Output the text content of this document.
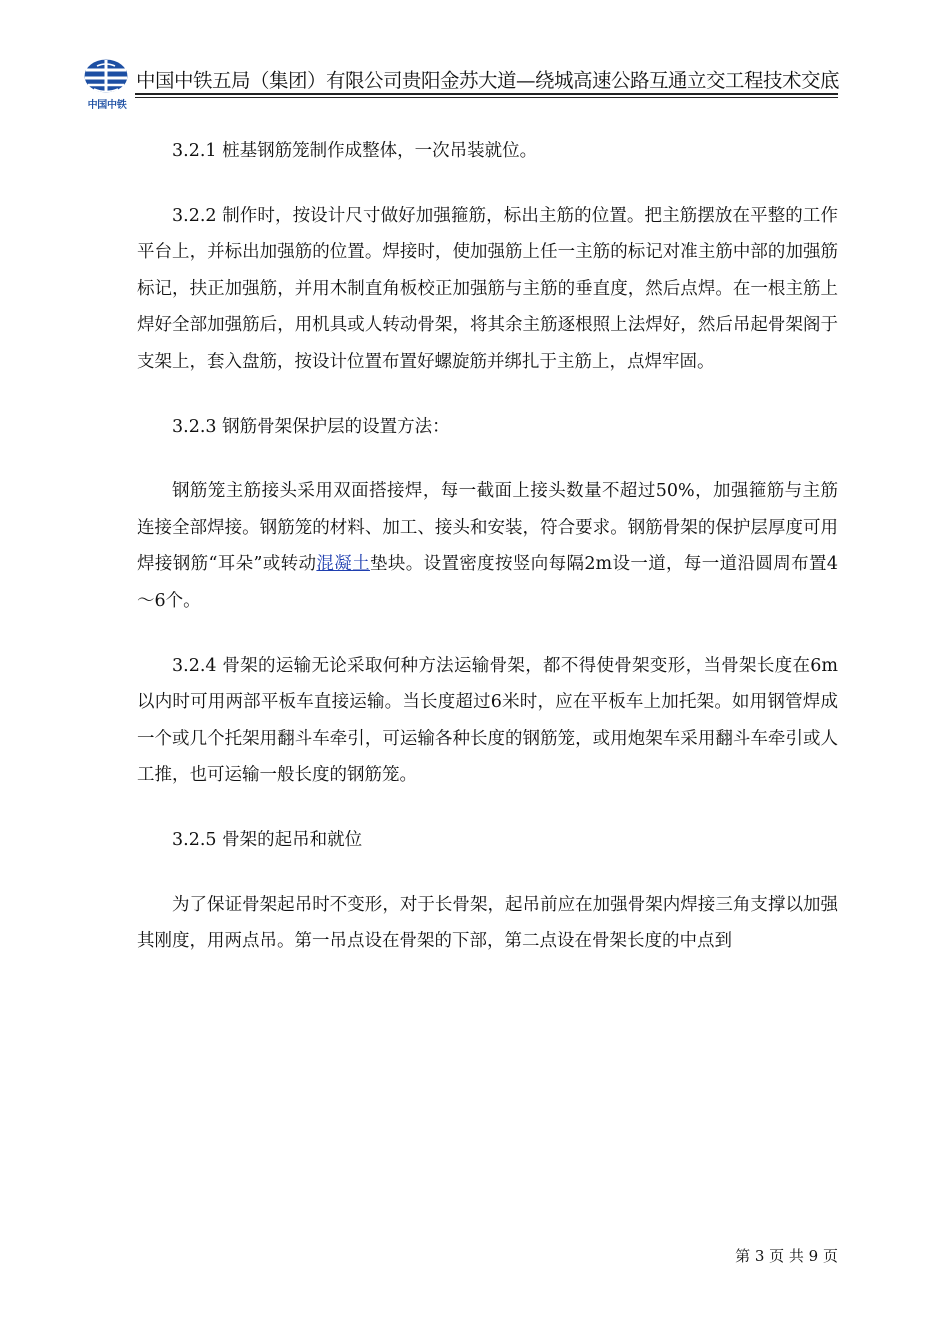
中国中铁
中国中铁五局（集团）有限公司贵阳金苏大道—绕城高速公路互通立交工程技术交底

3.2.1 桩基钢筋笼制作成整体，一次吊装就位。

3.2.2 制作时，按设计尺寸做好加强箍筋，标出主筋的位置。把主筋摆放在平整的工作平台上，并标出加强筋的位置。焊接时，使加强筋上任一主筋的标记对准主筋中部的加强筋标记，扶正加强筋，并用木制直角板校正加强筋与主筋的垂直度，然后点焊。在一根主筋上焊好全部加强筋后，用机具或人转动骨架，将其余主筋逐根照上法焊好，然后吊起骨架阁于支架上，套入盘筋，按设计位置布置好螺旋筋并绑扎于主筋上，点焊牢固。

3.2.3 钢筋骨架保护层的设置方法：

钢筋笼主筋接头采用双面搭接焊，每一截面上接头数量不超过50%，加强箍筋与主筋连接全部焊接。钢筋笼的材料、加工、接头和安装，符合要求。钢筋骨架的保护层厚度可用焊接钢筋“耳朵”或转动混凝土垫块。设置密度按竖向每隔2m设一道，每一道沿圆周布置4～6个。

3.2.4 骨架的运输无论采取何种方法运输骨架，都不得使骨架变形，当骨架长度在6m以内时可用两部平板车直接运输。当长度超过6米时，应在平板车上加托架。如用钢管焊成一个或几个托架用翻斗车牵引，可运输各种长度的钢筋笼，或用炮架车采用翻斗车牵引或人工推，也可运输一般长度的钢筋笼。

3.2.5 骨架的起吊和就位

为了保证骨架起吊时不变形，对于长骨架，起吊前应在加强骨架内焊接三角支撑以加强其刚度，用两点吊。第一吊点设在骨架的下部，第二点设在骨架长度的中点到

第 3 页 共 9 页
